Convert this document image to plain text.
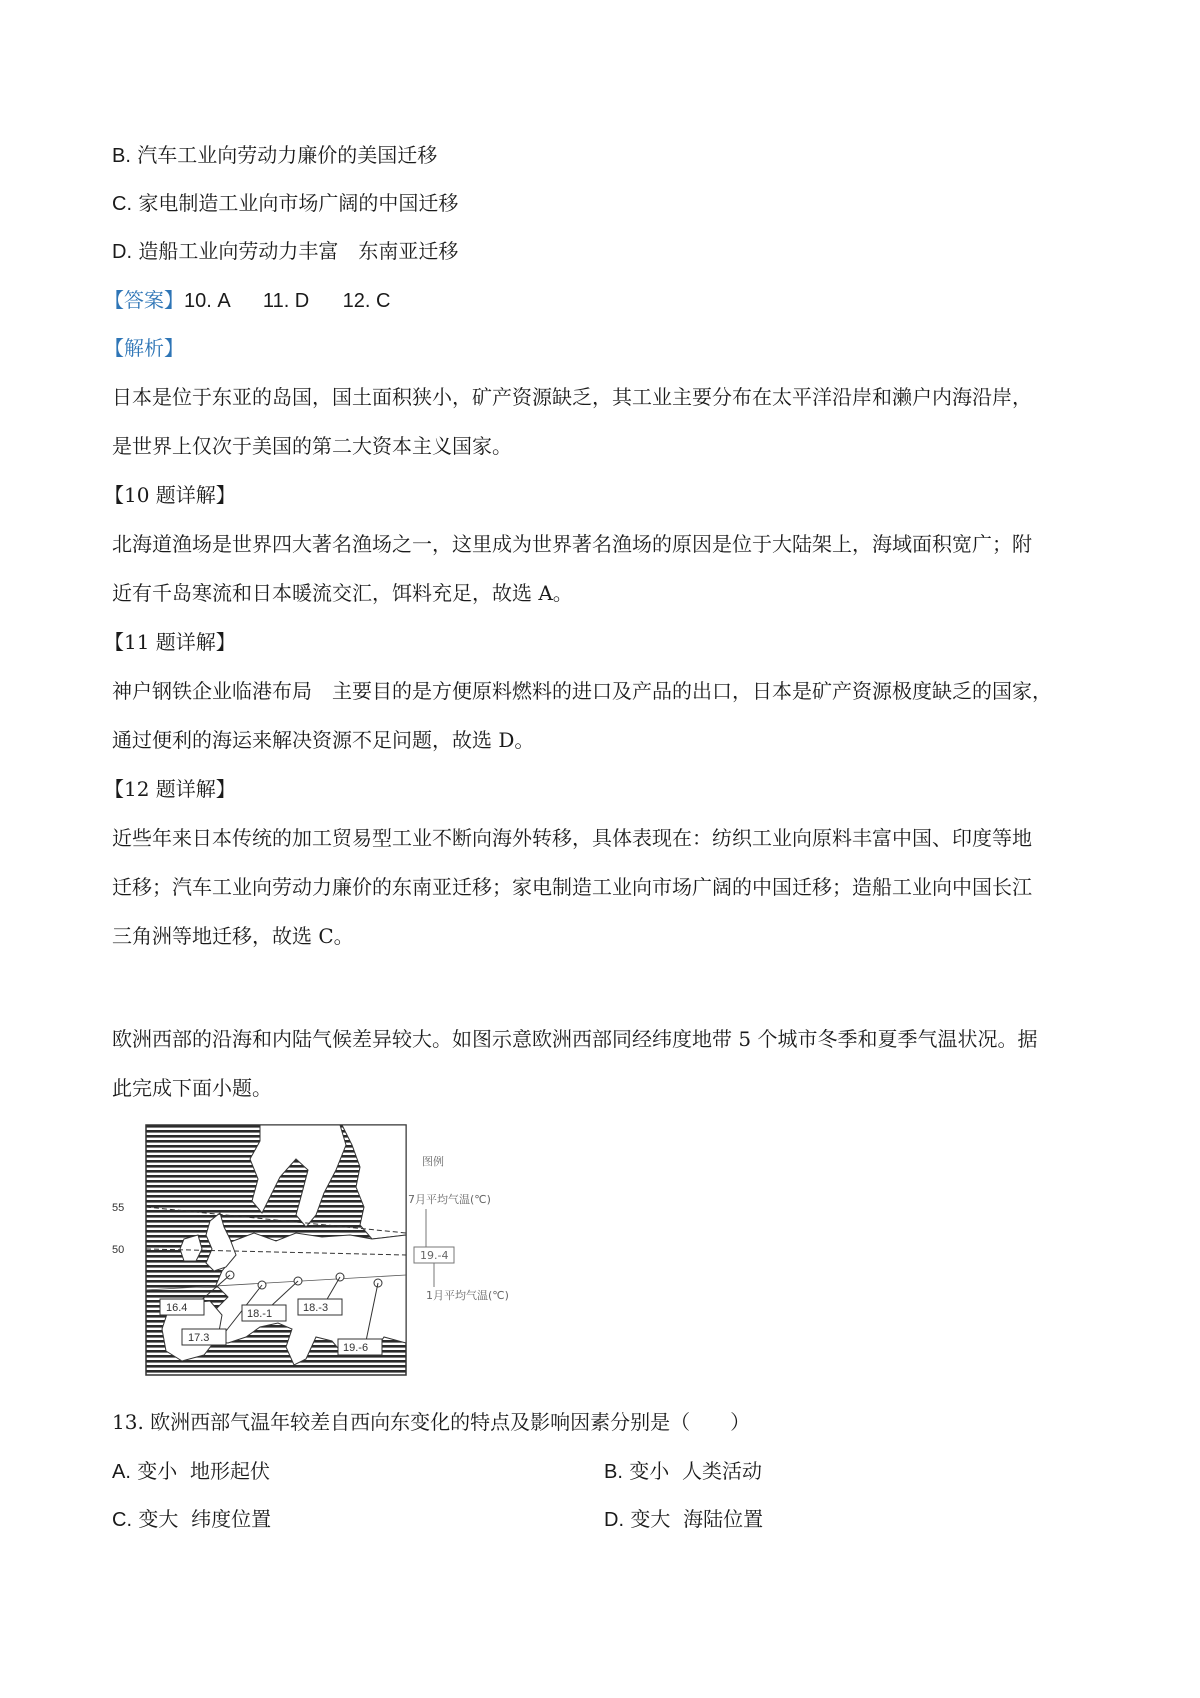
B. 汽车工业向劳动力廉价的美国迁移
C. 家电制造工业向市场广阔的中国迁移
D. 造船工业向劳动力丰富　东南亚迁移
【答案】10. A      11. D      12. C
【解析】
日本是位于东亚的岛国，国土面积狭小，矿产资源缺乏，其工业主要分布在太平洋沿岸和濑户内海沿岸，
是世界上仅次于美国的第二大资本主义国家。
【10 题详解】
北海道渔场是世界四大著名渔场之一，这里成为世界著名渔场的原因是位于大陆架上，海域面积宽广；附
近有千岛寒流和日本暖流交汇，饵料充足，故选 A。
【11 题详解】
神户钢铁企业临港布局　主要目的是方便原料燃料的进口及产品的出口，日本是矿产资源极度缺乏的国家，
通过便利的海运来解决资源不足问题，故选 D。
【12 题详解】
近些年来日本传统的加工贸易型工业不断向海外转移，具体表现在：纺织工业向原料丰富中国、印度等地
迁移；汽车工业向劳动力廉价的东南亚迁移；家电制造工业向市场广阔的中国迁移；造船工业向中国长江
三角洲等地迁移，故选 C。
欧洲西部的沿海和内陆气候差异较大。如图示意欧洲西部同经纬度地带 5 个城市冬季和夏季气温状况。据
此完成下面小题。
55
50
16.4
17.3
18.-1	18.-3
19.-6
图例
7月平均气温(℃)
19.-4
1月平均气温(℃)
13. 欧洲西部气温年较差自西向东变化的特点及影响因素分别是（　　）
A. 变小  地形起伏	B. 变小  人类活动
C. 变大  纬度位置	D. 变大  海陆位置
